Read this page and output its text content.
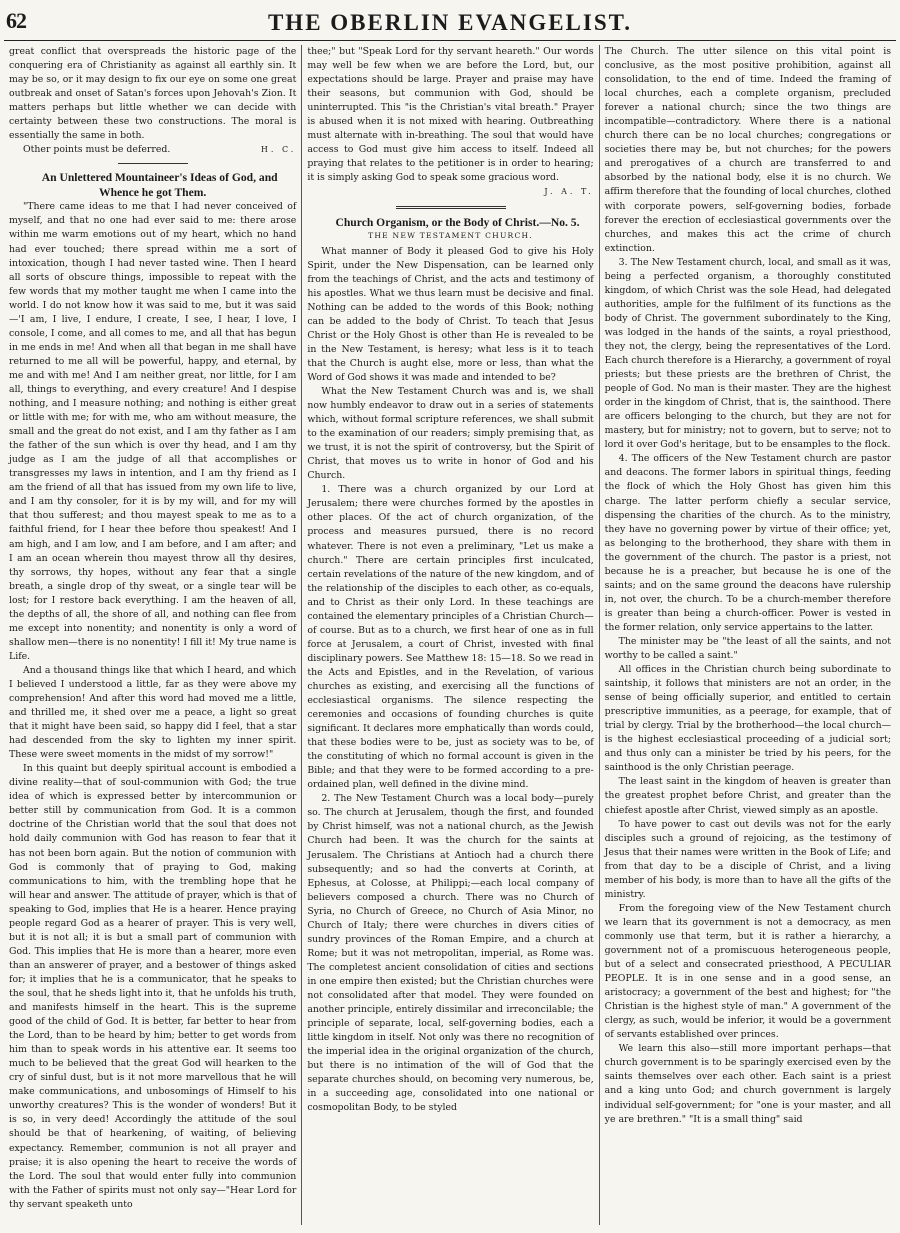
62	THE OBERLIN EVANGELIST.

great conflict that overspreads the historic page of the conquering era of Christianity as against all earthly sin. It may be so, or it may design to fix our eye on some one great outbreak and onset of Satan's forces upon Jehovah's Zion. It matters perhaps but little whether we can decide with certainty between these two constructions. The moral is essentially the same in both.

Other points must be deferred.	H. C.

An Unlettered Mountaineer's Ideas of God, and Whence he got Them.

"There came ideas to me that I had never conceived of myself, and that no one had ever said to me: there arose within me warm emotions out of my heart, which no hand had ever touched; there spread within me a sort of intoxication, though I had never tasted wine. Then I heard all sorts of obscure things, impossible to repeat with the few words that my mother taught me when I came into the world. I do not know how it was said to me, but it was said—'I am, I live, I endure, I create, I see, I hear, I love, I console, I come, and all comes to me, and all that has begun in me ends in me! And when all that began in me shall have returned to me all will be powerful, happy, and eternal, by me and with me! And I am neither great, nor little, for I am all, things to everything, and every creature! And I despise nothing, and I measure nothing; and nothing is either great or little with me; for with me, who am without measure, the small and the great do not exist, and I am thy father as I am the father of the sun which is over thy head, and I am thy judge as I am the judge of all that accomplishes or transgresses my laws in intention, and I am thy friend as I am the friend of all that has issued from my own life to live, and I am thy consoler, for it is by my will, and for my will that thou sufferest; and thou mayest speak to me as to a faithful friend, for I hear thee before thou speakest! And I am high, and I am low, and I am before, and I am after; and I am an ocean wherein thou mayest throw all thy desires, thy sorrows, thy hopes, without any fear that a single breath, a single drop of thy sweat, or a single tear will be lost; for I restore back everything. I am the heaven of all, the depths of all, the shore of all, and nothing can flee from me except into nonentity; and nonentity is only a word of shallow men—there is no nonentity! I fill it! My true name is Life.

And a thousand things like that which I heard, and which I believed I understood a little, far as they were above my comprehension! And after this word had moved me a little, and thrilled me, it shed over me a peace, a light so great that it might have been said, so happy did I feel, that a star had descended from the sky to lighten my inner spirit. These were sweet moments in the midst of my sorrow!"

In this quaint but deeply spiritual account is embodied a divine reality—that of soul-communion with God; the true idea of which is expressed better by intercommunion or better still by communication from God. It is a common doctrine of the Christian world that the soul that does not hold daily communion with God has reason to fear that it has not been born again. But the notion of communion with God is commonly that of praying to God, making communications to him, with the trembling hope that he will hear and answer. The attitude of prayer, which is that of speaking to God, implies that He is a hearer. Hence praying people regard God as a hearer of prayer. This is very well, but it is not all; it is but a small part of communion with God. This implies that He is more than a hearer, more even than an answerer of prayer, and a bestower of things asked for; it implies that he is a communicator, that he speaks to the soul, that he sheds light into it, that he unfolds his truth, and manifests himself in the heart. This is the supreme good of the child of God. It is better, far better to hear from the Lord, than to be heard by him; better to get words from him than to speak words in his attentive ear. It seems too much to be believed that the great God will hearken to the cry of sinful dust, but is it not more marvellous that he will make communications, and unbosomings of Himself to his unworthy creatures? This is the wonder of wonders! But it is so, in very deed! Accordingly the attitude of the soul should be that of hearkening, of waiting, of believing expectancy. Remember, communion is not all prayer and praise; it is also opening the heart to receive the words of the Lord. The soul that would enter fully into communion with the Father of spirits must not only say—"Hear Lord for thy servant speaketh unto

thee;" but "Speak Lord for thy servant heareth." Our words may well be few when we are before the Lord, but, our expectations should be large. Prayer and praise may have their seasons, but communion with God, should be uninterrupted. This "is the Christian's vital breath." Prayer is abused when it is not mixed with hearing. Outbreathing must alternate with in-breathing. The soul that would have access to God must give him access to itself. Indeed all praying that relates to the petitioner is in order to hearing; it is simply asking God to speak some gracious word.

J. A. T.

Church Organism, or the Body of Christ.—No. 5.

THE NEW TESTAMENT CHURCH.

What manner of Body it pleased God to give his Holy Spirit, under the New Dispensation, can be learned only from the teachings of Christ, and the acts and testimony of his apostles. What we thus learn must be decisive and final. Nothing can be added to the words of this Book; nothing can be added to the body of Christ. To teach that Jesus Christ or the Holy Ghost is other than He is revealed to be in the New Testament, is heresy; what less is it to teach that the Church is aught else, more or less, than what the Word of God shows it was made and intended to be?

What the New Testament Church was and is, we shall now humbly endeavor to draw out in a series of statements which, without formal scripture references, we shall submit to the examination of our readers; simply premising that, as we trust, it is not the spirit of controversy, but the Spirit of Christ, that moves us to write in honor of God and his Church.

1. There was a church organized by our Lord at Jerusalem; there were churches formed by the apostles in other places. Of the act of church organization, of the process and measures pursued, there is no record whatever. There is not even a preliminary, "Let us make a church." There are certain principles first inculcated, certain revelations of the nature of the new kingdom, and of the relationship of the disciples to each other, as co-equals, and to Christ as their only Lord. In these teachings are contained the elementary principles of a Christian Church—of course. But as to a church, we first hear of one as in full force at Jerusalem, a court of Christ, invested with final disciplinary powers. See Matthew 18: 15—18. So we read in the Acts and Epistles, and in the Revelation, of various churches as existing, and exercising all the functions of ecclesiastical organisms. The silence respecting the ceremonies and occasions of founding churches is quite significant. It declares more emphatically than words could, that these bodies were to be, just as society was to be, of the constituting of which no formal account is given in the Bible; and that they were to be formed according to a pre-ordained plan, well defined in the divine mind.

2. The New Testament Church was a local body—purely so. The church at Jerusalem, though the first, and founded by Christ himself, was not a national church, as the Jewish Church had been. It was the church for the saints at Jerusalem. The Christians at Antioch had a church there subsequently; and so had the converts at Corinth, at Ephesus, at Colosse, at Philippi;—each local company of believers composed a church. There was no Church of Syria, no Church of Greece, no Church of Asia Minor, no Church of Italy; there were churches in divers cities of sundry provinces of the Roman Empire, and a church at Rome; but it was not metropolitan, imperial, as Rome was. The completest ancient consolidation of cities and sections in one empire then existed; but the Christian churches were not consolidated after that model. They were founded on another principle, entirely dissimilar and irreconcilable; the principle of separate, local, self-governing bodies, each a little kingdom in itself. Not only was there no recognition of the imperial idea in the original organization of the church, but there is no intimation of the will of God that the separate churches should, on becoming very numerous, be, in a succeeding age, consolidated into one national or cosmopolitan Body, to be styled

The Church. The utter silence on this vital point is conclusive, as the most positive prohibition, against all consolidation, to the end of time. Indeed the framing of local churches, each a complete organism, precluded forever a national church; since the two things are incompatible—contradictory. Where there is a national church there can be no local churches; congregations or societies there may be, but not churches; for the powers and prerogatives of a church are transferred to and absorbed by the national body, else it is no church. We affirm therefore that the founding of local churches, clothed with corporate powers, self-governing bodies, forbade forever the erection of ecclesiastical governments over the churches, and makes this act the crime of church extinction.

3. The New Testament church, local, and small as it was, being a perfected organism, a thoroughly constituted kingdom, of which Christ was the sole Head, had delegated authorities, ample for the fulfilment of its functions as the body of Christ. The government subordinately to the King, was lodged in the hands of the saints, a royal priesthood, they not, the clergy, being the representatives of the Lord. Each church therefore is a Hierarchy, a government of royal priests; but these priests are the brethren of Christ, the people of God. No man is their master. They are the highest order in the kingdom of Christ, that is, the sainthood. There are officers belonging to the church, but they are not for mastery, but for ministry; not to govern, but to serve; not to lord it over God's heritage, but to be ensamples to the flock.

4. The officers of the New Testament church are pastor and deacons. The former labors in spiritual things, feeding the flock of which the Holy Ghost has given him this charge. The latter perform chiefly a secular service, dispensing the charities of the church. As to the ministry, they have no governing power by virtue of their office; yet, as belonging to the brotherhood, they share with them in the government of the church. The pastor is a priest, not because he is a preacher, but because he is one of the saints; and on the same ground the deacons have rulership in, not over, the church. To be a church-member therefore is greater than being a church-officer. Power is vested in the former relation, only service appertains to the latter.

The minister may be "the least of all the saints, and not worthy to be called a saint."

All offices in the Christian church being subordinate to saintship, it follows that ministers are not an order, in the sense of being officially superior, and entitled to certain prescriptive immunities, as a peerage, for example, that of trial by clergy. Trial by the brotherhood—the local church—is the highest ecclesiastical proceeding of a judicial sort; and thus only can a minister be tried by his peers, for the sainthood is the only Christian peerage.

The least saint in the kingdom of heaven is greater than the greatest prophet before Christ, and greater than the chiefest apostle after Christ, viewed simply as an apostle.

To have power to cast out devils was not for the early disciples such a ground of rejoicing, as the testimony of Jesus that their names were written in the Book of Life; and from that day to be a disciple of Christ, and a living member of his body, is more than to have all the gifts of the ministry.

From the foregoing view of the New Testament church we learn that its government is not a democracy, as men commonly use that term, but it is rather a hierarchy, a government not of a promiscuous heterogeneous people, but of a select and consecrated priesthood, A PECULIAR PEOPLE. It is in one sense and in a good sense, an aristocracy; a government of the best and highest; for "the Christian is the highest style of man." A government of the clergy, as such, would be inferior, it would be a government of servants established over princes.

We learn this also—still more important perhaps—that church government is to be sparingly exercised even by the saints themselves over each other. Each saint is a priest and a king unto God; and church government is largely individual self-government; for "one is your master, and all ye are brethren." "It is a small thing" said
